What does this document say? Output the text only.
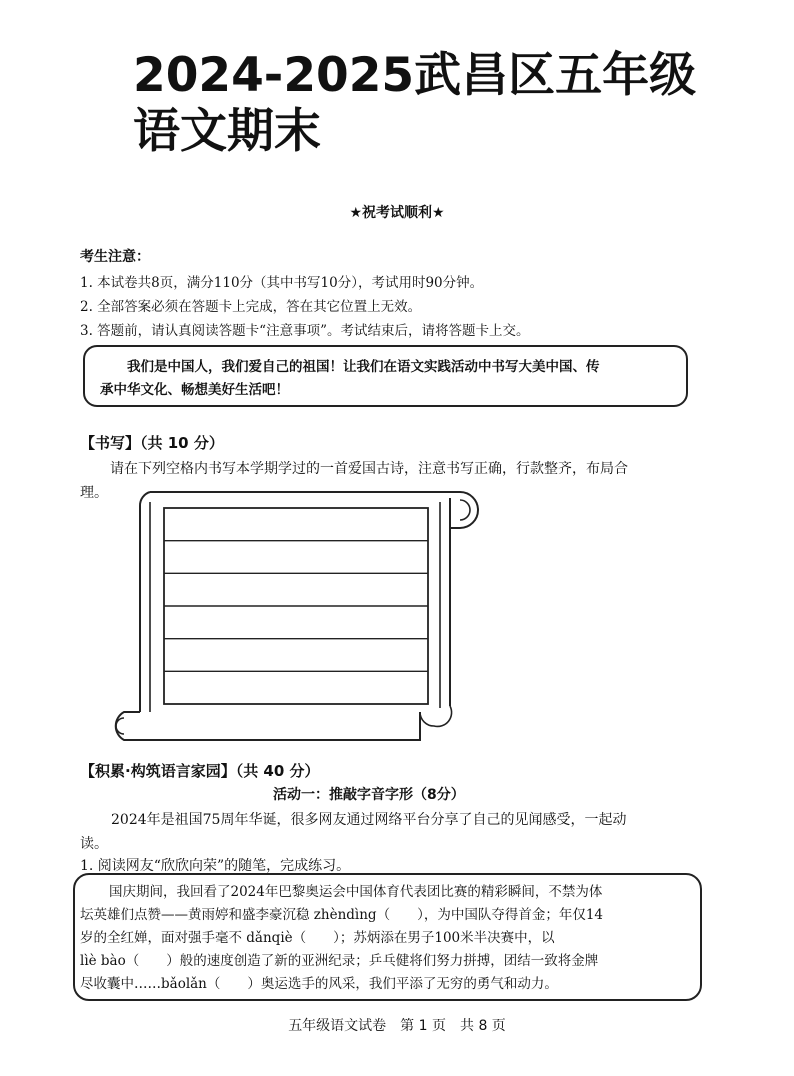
2024-2025武昌区五年级
语文期末
★祝考试顺利★
考生注意：
1. 本试卷共8页，满分110分（其中书写10分），考试用时90分钟。
2. 全部答案必须在答题卡上完成，答在其它位置上无效。
3. 答题前，请认真阅读答题卡“注意事项”。考试结束后，请将答题卡上交。
我们是中国人，我们爱自己的祖国！让我们在语文实践活动中书写大美中国、传
承中华文化、畅想美好生活吧！
【书写】（共 10 分）
请在下列空格内书写本学期学过的一首爱国古诗，注意书写正确，行款整齐，布局合
理。
【积累·构筑语言家园】（共 40 分）
活动一：推敲字音字形（8分）
2024年是祖国75周年华诞，很多网友通过网络平台分享了自己的见闻感受，一起动
读。
1. 阅读网友“欣欣向荣”的随笔，完成练习。
国庆期间，我回看了2024年巴黎奥运会中国体育代表团比赛的精彩瞬间，不禁为体
坛英雄们点赞——黄雨婷和盛李豪沉稳 zhèndìng（　　），为中国队夺得首金；年仅14
岁的全红婵，面对强手毫不 dǎnqiè（　　）；苏炳添在男子100米半决赛中，以
lìè bào（　　）般的速度创造了新的亚洲纪录；乒乓健将们努力拼搏，团结一致将金牌
尽收囊中……bǎolǎn（　　）奥运选手的风采，我们平添了无穷的勇气和动力。
五年级语文试卷　第 1 页　共 8 页
